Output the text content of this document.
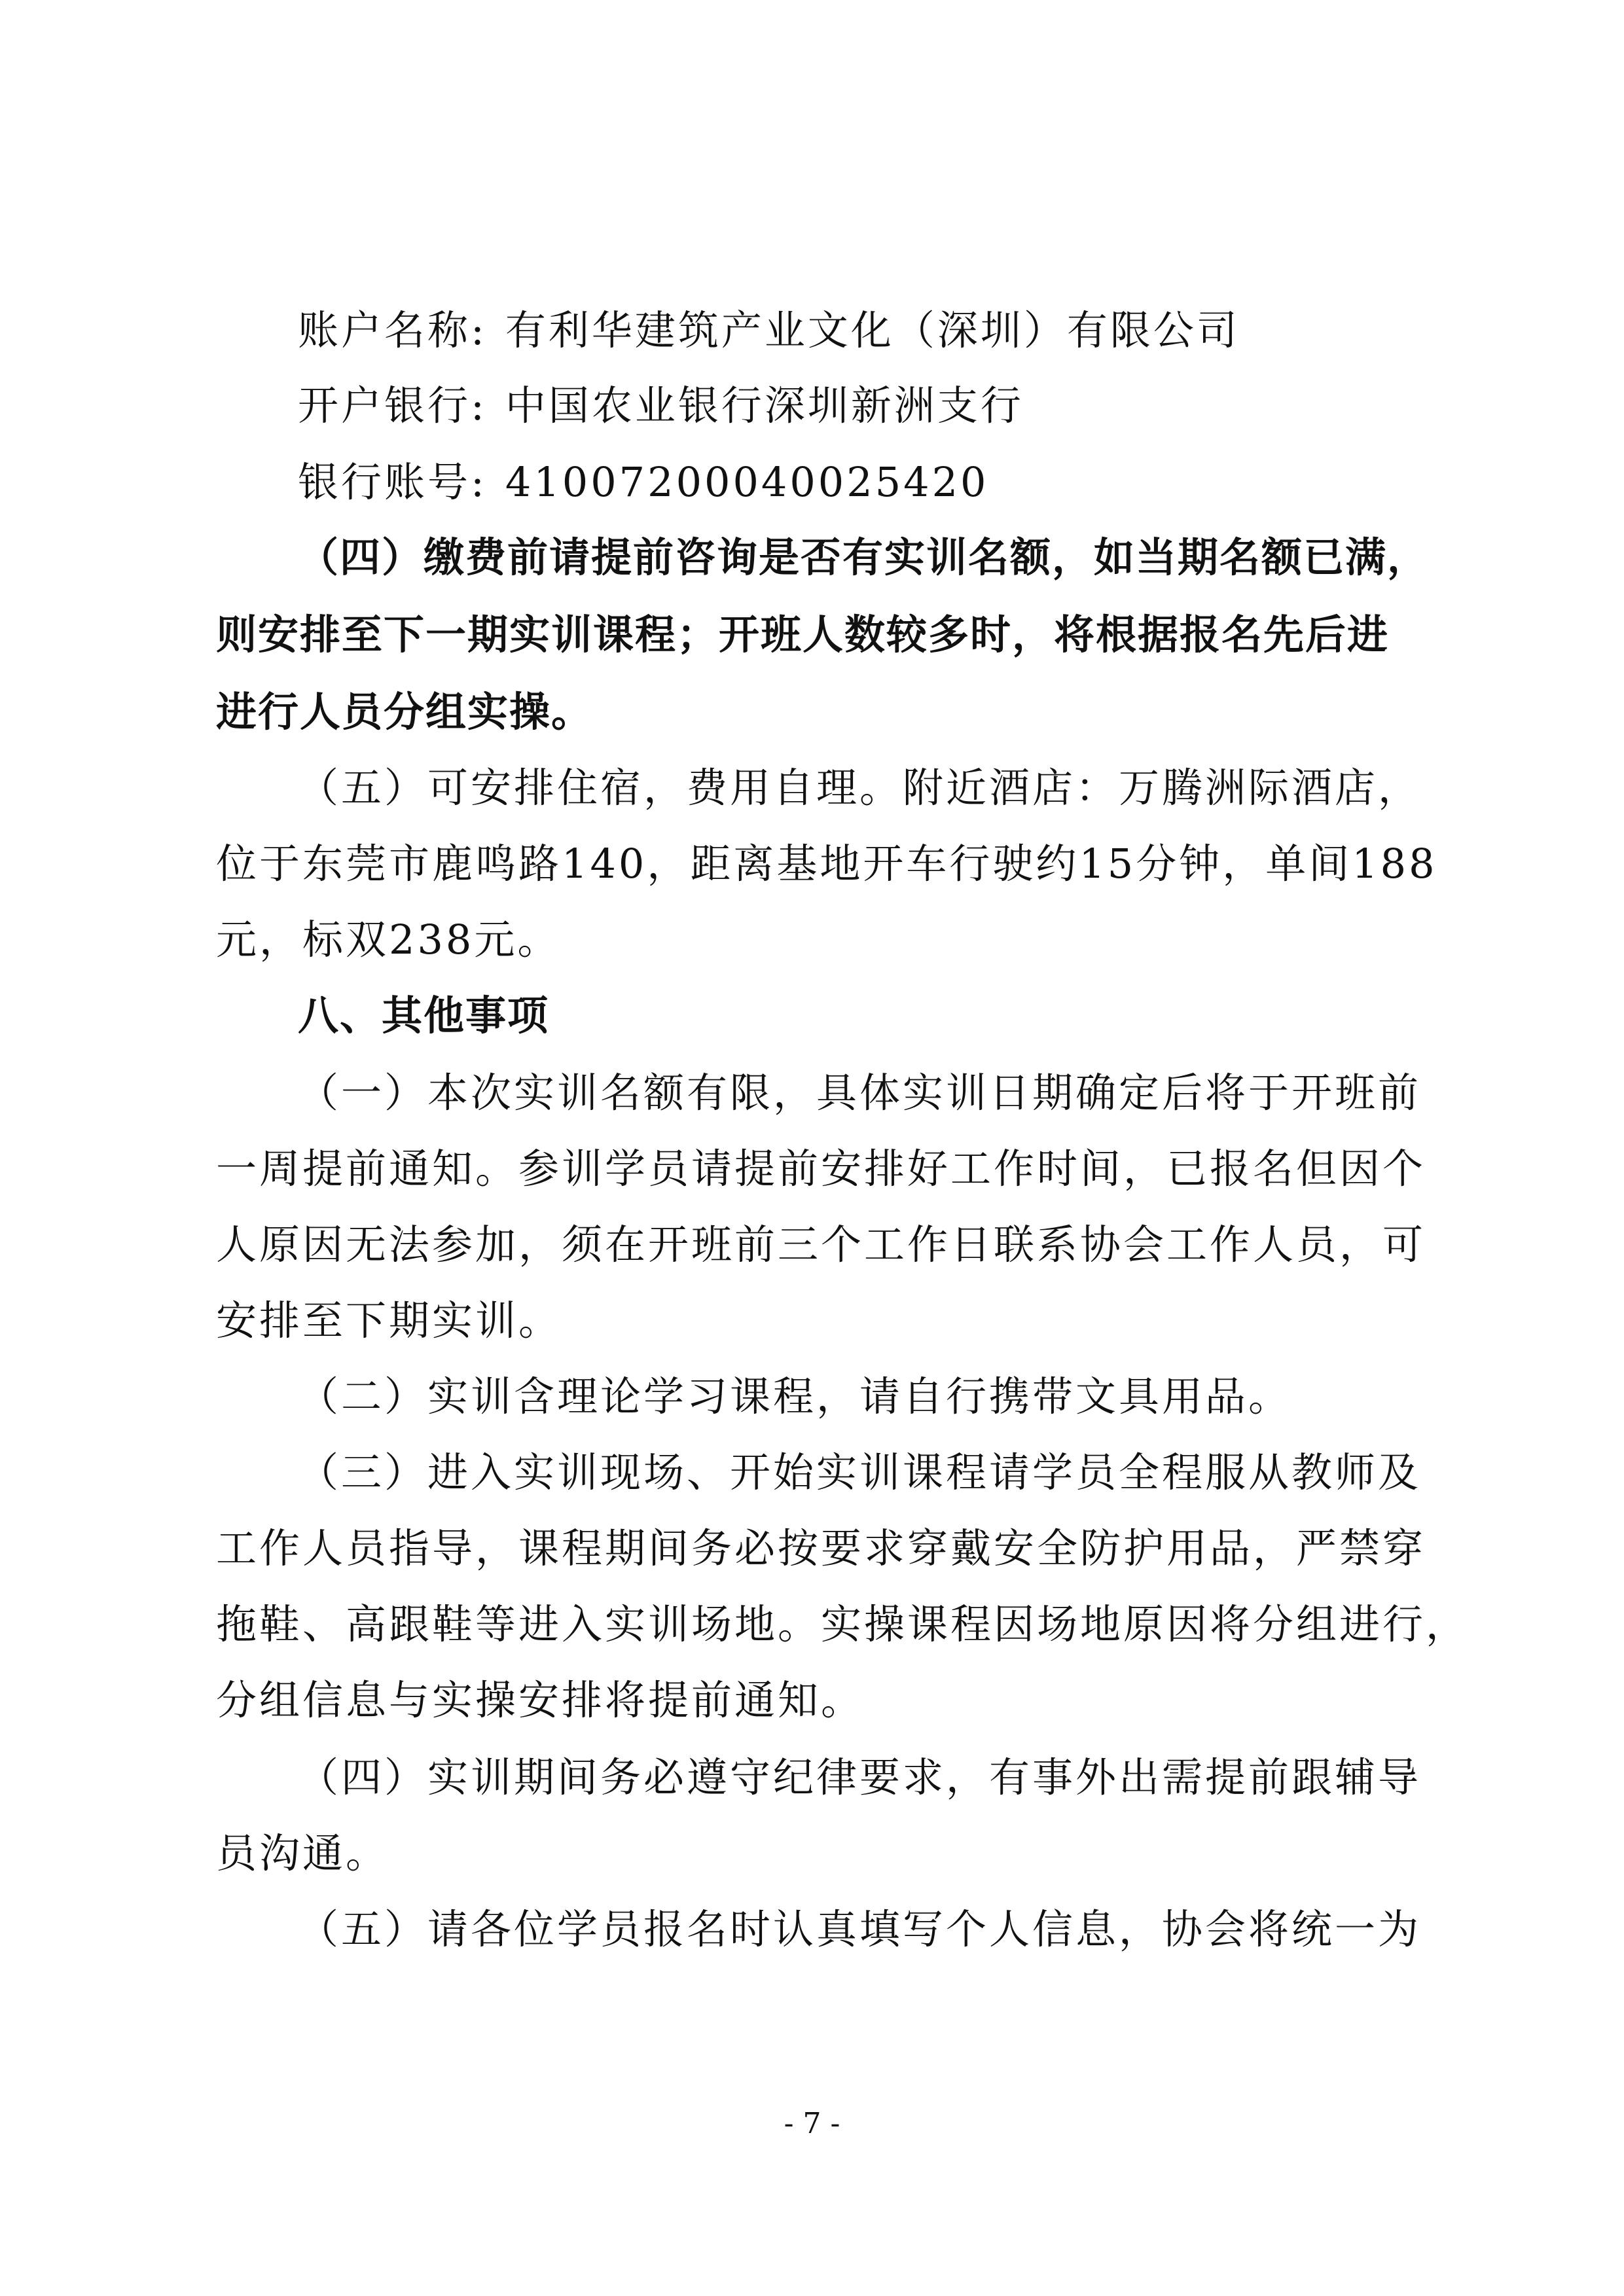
账户名称: 有利华建筑产业文化（深圳）有限公司
开户银行: 中国农业银行深圳新洲支行
银行账号: 41007200040025420
（四）缴费前请提前咨询是否有实训名额，如当期名额已满，
则安排至下一期实训课程；开班人数较多时，将根据报名先后进
进行人员分组实操。
（五）可安排住宿，费用自理。附近酒店：万腾洲际酒店，
位于东莞市鹿鸣路140，距离基地开车行驶约15分钟，单间188
元，标双238元。
八、其他事项
（一）本次实训名额有限，具体实训日期确定后将于开班前
一周提前通知。参训学员请提前安排好工作时间，已报名但因个
人原因无法参加，须在开班前三个工作日联系协会工作人员，可
安排至下期实训。
（二）实训含理论学习课程，请自行携带文具用品。
（三）进入实训现场、开始实训课程请学员全程服从教师及
工作人员指导，课程期间务必按要求穿戴安全防护用品，严禁穿
拖鞋、高跟鞋等进入实训场地。实操课程因场地原因将分组进行，
分组信息与实操安排将提前通知。
（四）实训期间务必遵守纪律要求，有事外出需提前跟辅导
员沟通。
（五）请各位学员报名时认真填写个人信息，协会将统一为
- 7 -
